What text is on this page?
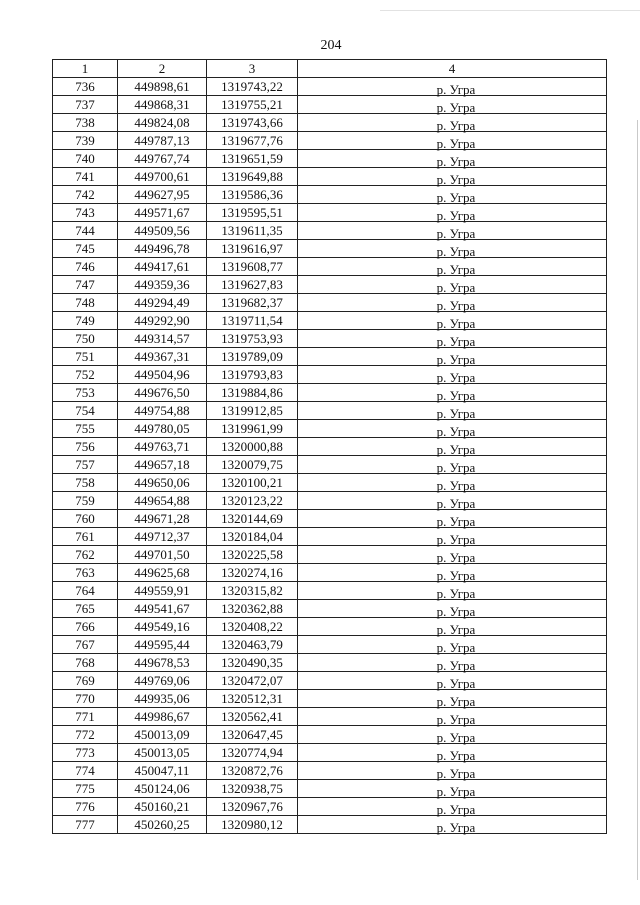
204
1	2	3	4
736	449898,61	1319743,22	р. Угра
737	449868,31	1319755,21	р. Угра
738	449824,08	1319743,66	р. Угра
739	449787,13	1319677,76	р. Угра
740	449767,74	1319651,59	р. Угра
741	449700,61	1319649,88	р. Угра
742	449627,95	1319586,36	р. Угра
743	449571,67	1319595,51	р. Угра
744	449509,56	1319611,35	р. Угра
745	449496,78	1319616,97	р. Угра
746	449417,61	1319608,77	р. Угра
747	449359,36	1319627,83	р. Угра
748	449294,49	1319682,37	р. Угра
749	449292,90	1319711,54	р. Угра
750	449314,57	1319753,93	р. Угра
751	449367,31	1319789,09	р. Угра
752	449504,96	1319793,83	р. Угра
753	449676,50	1319884,86	р. Угра
754	449754,88	1319912,85	р. Угра
755	449780,05	1319961,99	р. Угра
756	449763,71	1320000,88	р. Угра
757	449657,18	1320079,75	р. Угра
758	449650,06	1320100,21	р. Угра
759	449654,88	1320123,22	р. Угра
760	449671,28	1320144,69	р. Угра
761	449712,37	1320184,04	р. Угра
762	449701,50	1320225,58	р. Угра
763	449625,68	1320274,16	р. Угра
764	449559,91	1320315,82	р. Угра
765	449541,67	1320362,88	р. Угра
766	449549,16	1320408,22	р. Угра
767	449595,44	1320463,79	р. Угра
768	449678,53	1320490,35	р. Угра
769	449769,06	1320472,07	р. Угра
770	449935,06	1320512,31	р. Угра
771	449986,67	1320562,41	р. Угра
772	450013,09	1320647,45	р. Угра
773	450013,05	1320774,94	р. Угра
774	450047,11	1320872,76	р. Угра
775	450124,06	1320938,75	р. Угра
776	450160,21	1320967,76	р. Угра
777	450260,25	1320980,12	р. Угра
